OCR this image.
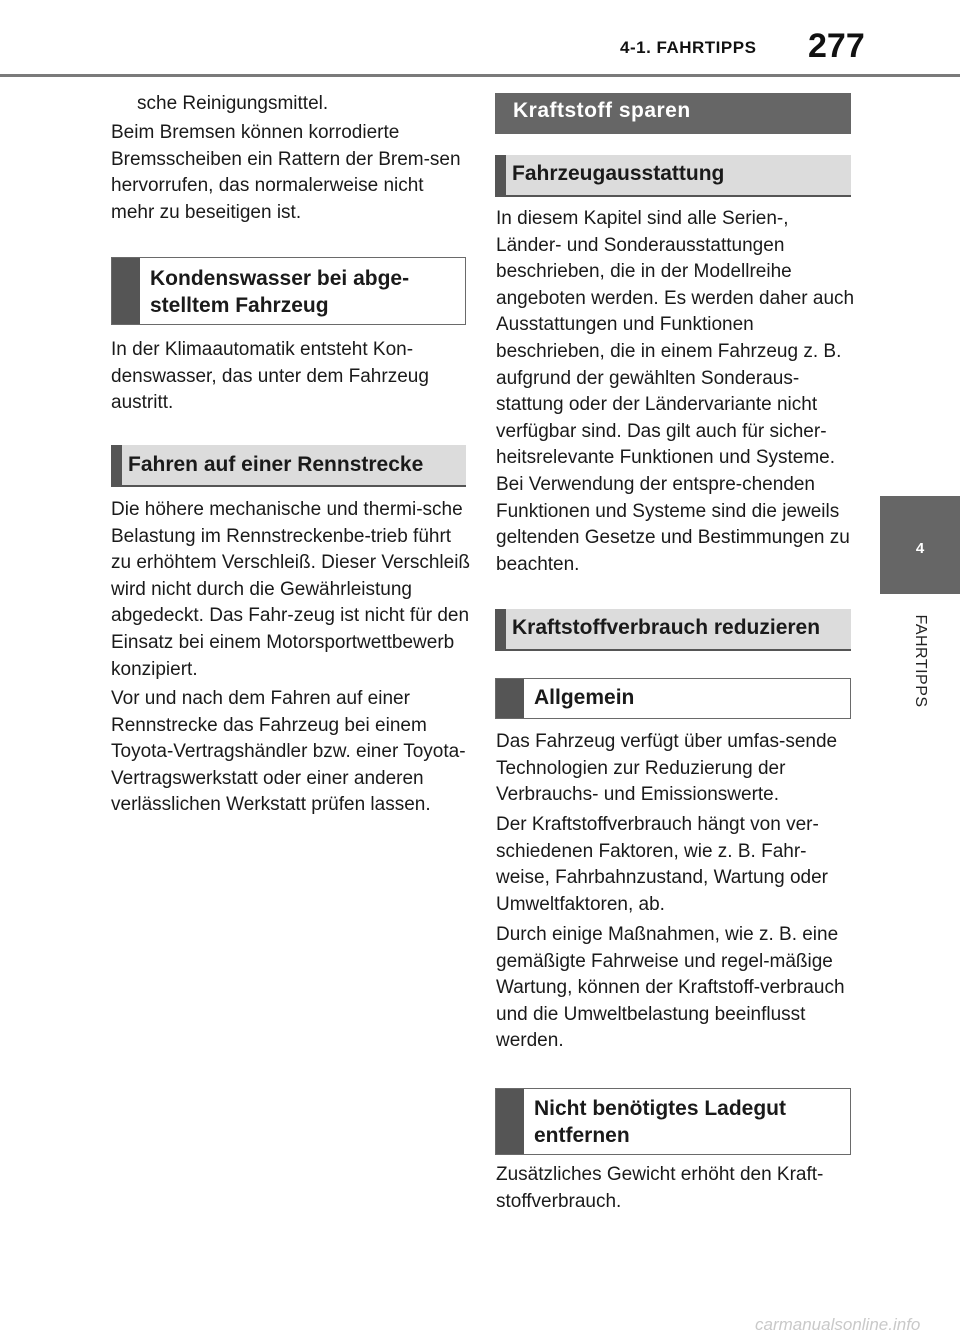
4-1. FAHRTIPPS 277
4
FAHRTIPPS
sche Reinigungsmittel.
Beim Bremsen können korrodierte Bremsscheiben ein Rattern der Brem-sen hervorrufen, das normalerweise nicht mehr zu beseitigen ist.
Kondenswasser bei abge-
stelltem Fahrzeug
In der Klimaautomatik entsteht Kon-denswasser, das unter dem Fahrzeug austritt.
Fahren auf einer Rennstrecke
Die höhere mechanische und thermi-sche Belastung im Rennstreckenbe-trieb führt zu erhöhtem Verschleiß. Dieser Verschleiß wird nicht durch die Gewährleistung abgedeckt. Das Fahr-zeug ist nicht für den Einsatz bei einem Motorsportwettbewerb konzipiert.
Vor und nach dem Fahren auf einer Rennstrecke das Fahrzeug bei einem Toyota-Vertragshändler bzw. einer Toyota-Vertragswerkstatt oder einer anderen verlässlichen Werkstatt prüfen lassen.
Kraftstoff sparen
Fahrzeugausstattung
In diesem Kapitel sind alle Serien-, Länder- und Sonderausstattungen beschrieben, die in der Modellreihe angeboten werden. Es werden daher auch Ausstattungen und Funktionen beschrieben, die in einem Fahrzeug z. B. aufgrund der gewählten Sonderaus-stattung oder der Ländervariante nicht verfügbar sind. Das gilt auch für sicher-heitsrelevante Funktionen und Systeme. Bei Verwendung der entspre-chenden Funktionen und Systeme sind die jeweils geltenden Gesetze und Bestimmungen zu beachten.
Kraftstoffverbrauch reduzieren
Allgemein
Das Fahrzeug verfügt über umfas-sende Technologien zur Reduzierung der Verbrauchs- und Emissionswerte.
Der Kraftstoffverbrauch hängt von ver-schiedenen Faktoren, wie z. B. Fahr-weise, Fahrbahnzustand, Wartung oder Umweltfaktoren, ab.
Durch einige Maßnahmen, wie z. B. eine gemäßigte Fahrweise und regel-mäßige Wartung, können der Kraftstoff-verbrauch und die Umweltbelastung beeinflusst werden.
Nicht benötigtes Ladegut
entfernen
Zusätzliches Gewicht erhöht den Kraft-stoffverbrauch.
carmanualsonline.info
